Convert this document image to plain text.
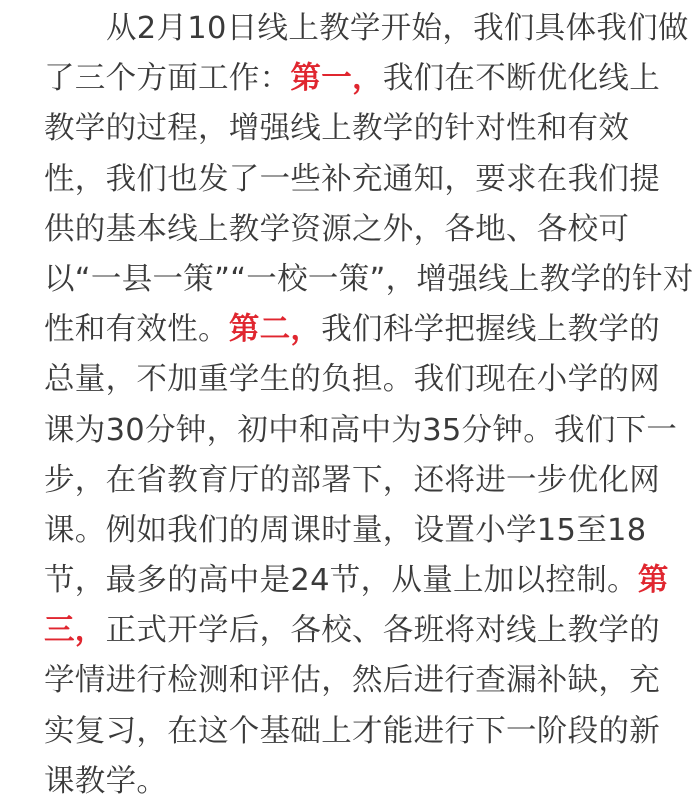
从2月10日线上教学开始，我们具体我们做
了三个方面工作：第一，我们在不断优化线上
教学的过程，增强线上教学的针对性和有效
性，我们也发了一些补充通知，要求在我们提
供的基本线上教学资源之外，各地、各校可
以“一县一策”“一校一策”，增强线上教学的针对
性和有效性。第二，我们科学把握线上教学的
总量，不加重学生的负担。我们现在小学的网
课为30分钟，初中和高中为35分钟。我们下一
步，在省教育厅的部署下，还将进一步优化网
课。例如我们的周课时量，设置小学15至18
节，最多的高中是24节，从量上加以控制。第
三，正式开学后，各校、各班将对线上教学的
学情进行检测和评估，然后进行查漏补缺，充
实复习，在这个基础上才能进行下一阶段的新
课教学。
